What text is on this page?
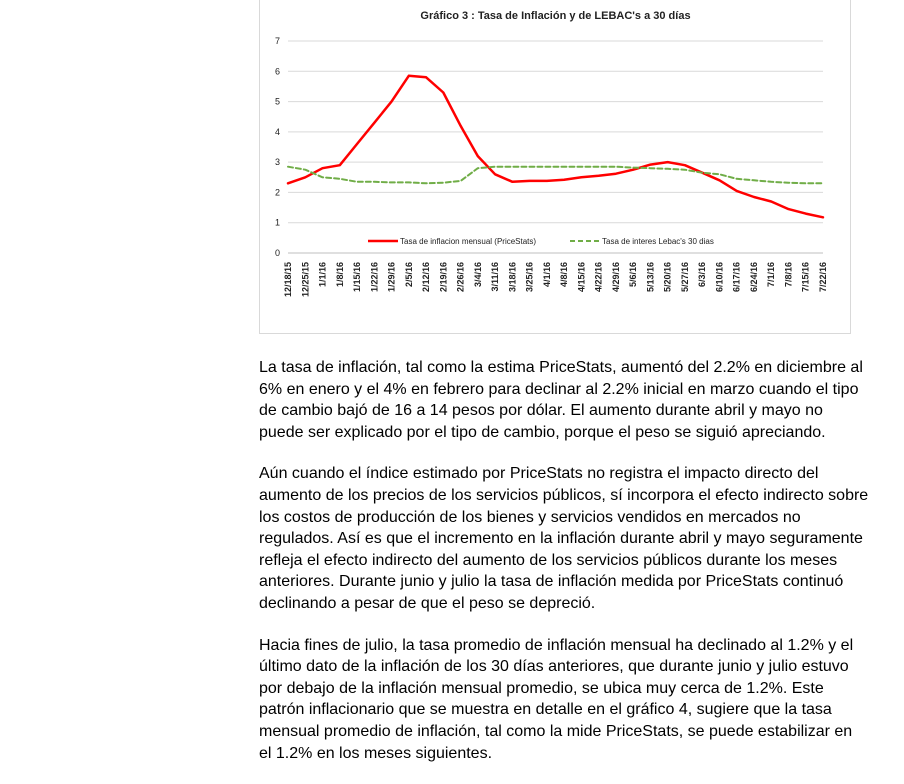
Gráfico 3 : Tasa de Inflación y de LEBAC's a 30 días
0
1
2
3
4
5
6
7
12/18/15 12/25/15 1/1/16 1/8/16 1/15/16 1/22/16 1/29/16 2/5/16 2/12/16 2/19/16 2/26/16 3/4/16 3/11/16 3/18/16 3/25/16 4/1/16 4/8/16 4/15/16 4/22/16 4/29/16 5/6/16 5/13/16 5/20/16 5/27/16 6/3/16 6/10/16 6/17/16 6/24/16 7/1/16 7/8/16 7/15/16 7/22/16
Tasa de inflacion mensual (PriceStats)	Tasa de interes Lebac's 30 dias

La tasa de inflación, tal como la estima PriceStats, aumentó del 2.2% en diciembre al 6% en enero y el 4% en febrero para declinar al 2.2% inicial en marzo cuando el tipo de cambio bajó de 16 a 14 pesos por dólar. El aumento durante abril y mayo no puede ser explicado por el tipo de cambio, porque el peso se siguió apreciando.

Aún cuando el índice estimado por PriceStats no registra el impacto directo del aumento de los precios de los servicios públicos, sí incorpora el efecto indirecto sobre los costos de producción de los bienes y servicios vendidos en mercados no regulados. Así es que el incremento en la inflación durante abril y mayo seguramente refleja el efecto indirecto del aumento de los servicios públicos durante los meses anteriores. Durante junio y julio la tasa de inflación medida por PriceStats continuó declinando a pesar de que el peso se depreció.

Hacia fines de julio, la tasa promedio de inflación mensual ha declinado al 1.2% y el último dato de la inflación de los 30 días anteriores, que durante junio y julio estuvo por debajo de la inflación mensual promedio, se ubica muy cerca de 1.2%. Este patrón inflacionario que se muestra en detalle en el gráfico 4, sugiere que la tasa mensual promedio de inflación, tal como la mide PriceStats, se puede estabilizar en el 1.2% en los meses siguientes.
